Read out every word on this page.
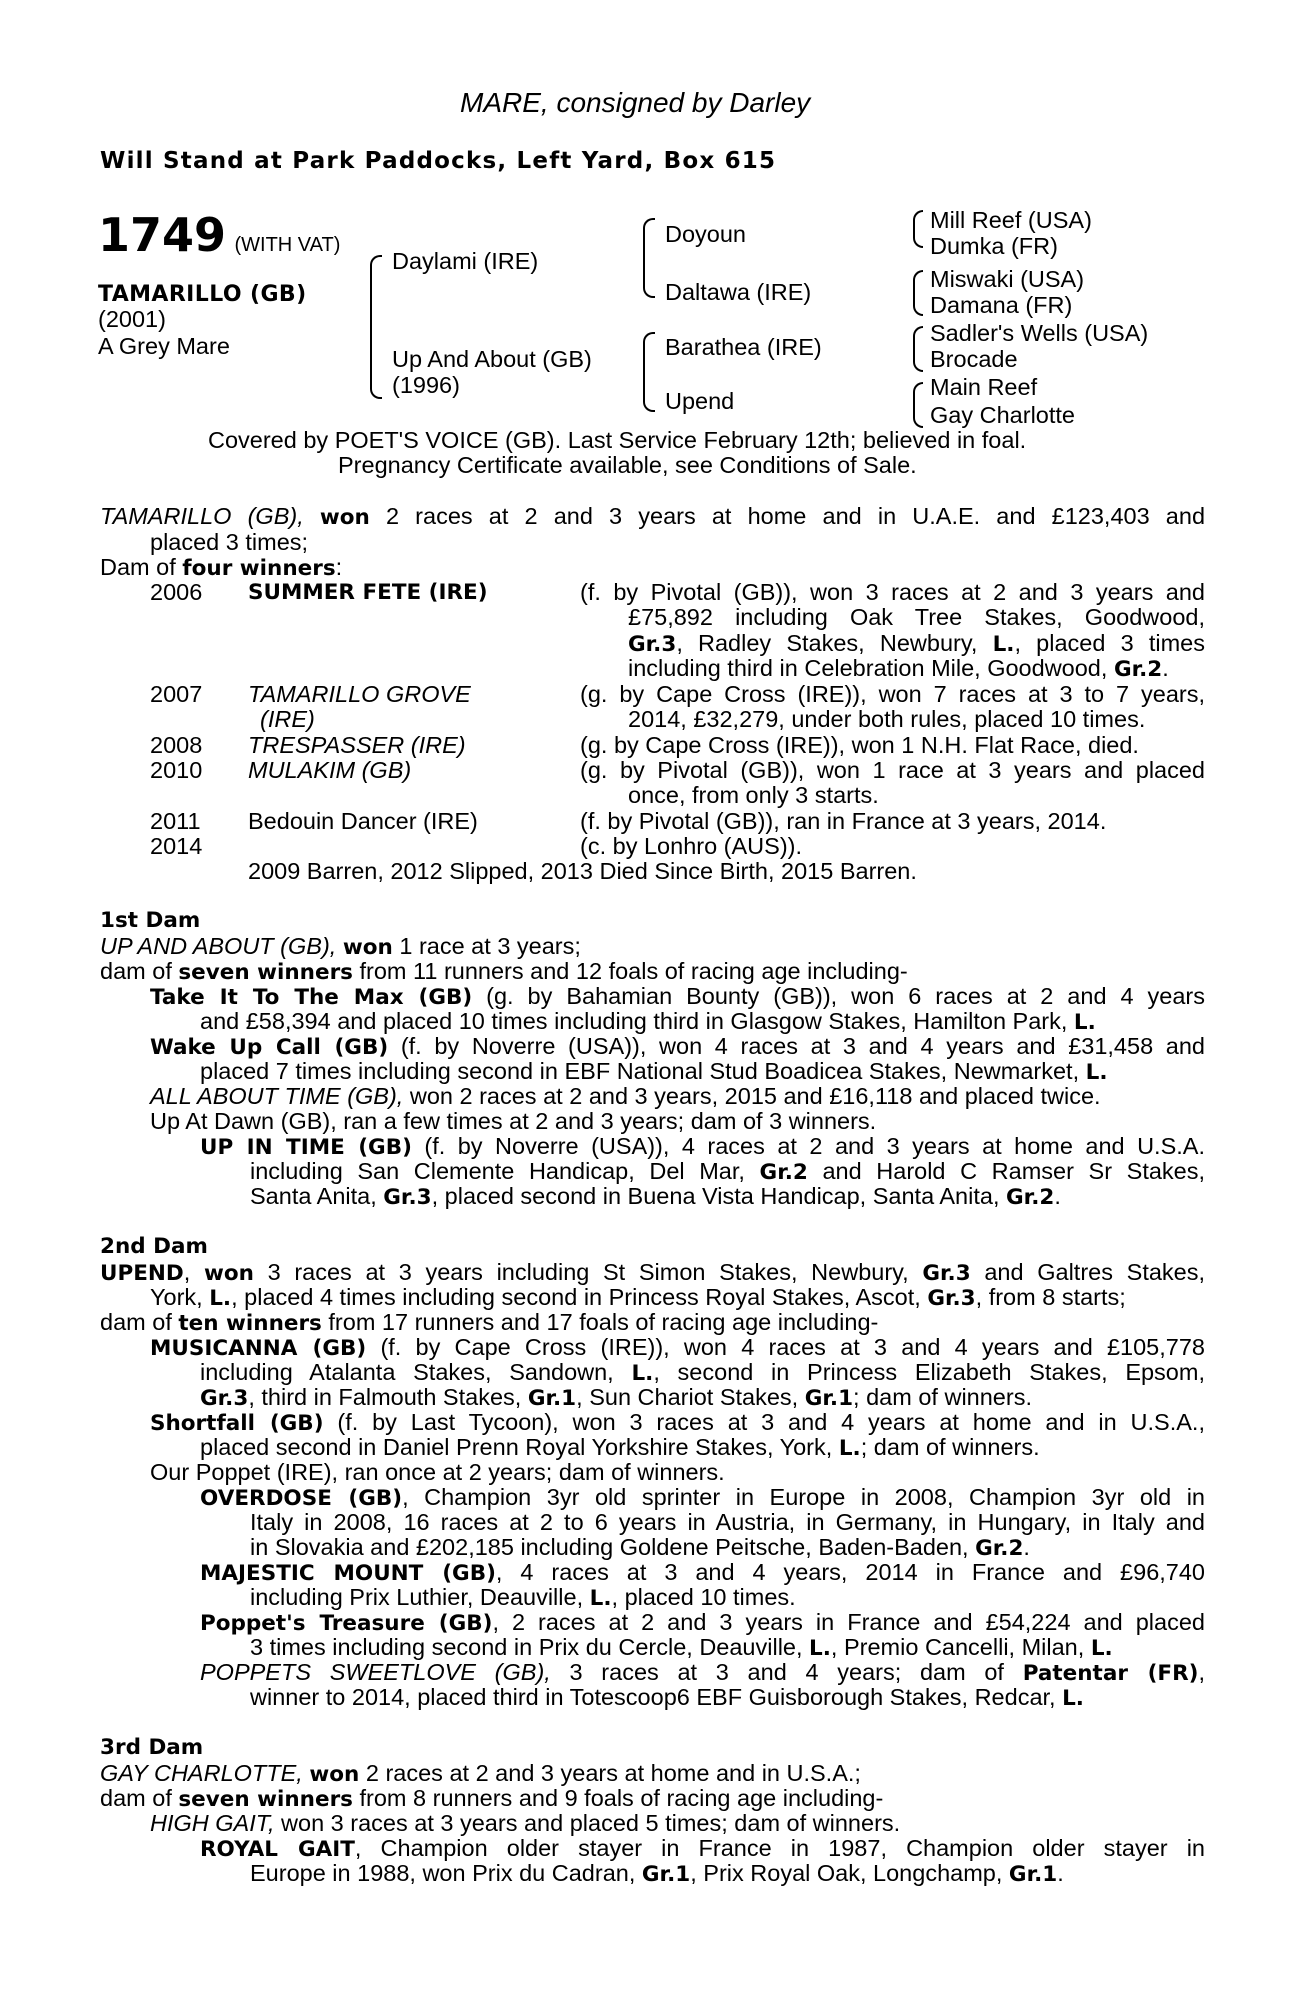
MARE, consigned by Darley
Will Stand at Park Paddocks, Left Yard, Box 615
1749 (WITH VAT)
TAMARILLO (GB)
(2001)
A Grey Mare
Daylami (IRE)
Up And About (GB)
(1996)
Doyoun
Daltawa (IRE)
Barathea (IRE)
Upend
Mill Reef (USA)
Dumka (FR)
Miswaki (USA)
Damana (FR)
Sadler's Wells (USA)
Brocade
Main Reef
Gay Charlotte
Covered by POET'S VOICE (GB). Last Service February 12th; believed in foal.
Pregnancy Certificate available, see Conditions of Sale.
TAMARILLO (GB), won 2 races at 2 and 3 years at home and in U.A.E. and £123,403 and
placed 3 times;
Dam of four winners:
2006 SUMMER FETE (IRE)	(f. by Pivotal (GB)), won 3 races at 2 and 3 years and
£75,892 including Oak Tree Stakes, Goodwood,
Gr.3, Radley Stakes, Newbury, L., placed 3 times
including third in Celebration Mile, Goodwood, Gr.2.
2007 TAMARILLO GROVE
(IRE)
(g. by Cape Cross (IRE)), won 7 races at 3 to 7 years,
2014, £32,279, under both rules, placed 10 times.
2008 TRESPASSER (IRE)	(g. by Cape Cross (IRE)), won 1 N.H. Flat Race, died.
2010 MULAKIM (GB)	(g. by Pivotal (GB)), won 1 race at 3 years and placed
once, from only 3 starts.
2011 Bedouin Dancer (IRE)	(f. by Pivotal (GB)), ran in France at 3 years, 2014.
2014	(c. by Lonhro (AUS)).
2009 Barren, 2012 Slipped, 2013 Died Since Birth, 2015 Barren.
1st Dam
UP AND ABOUT (GB), won 1 race at 3 years;
dam of seven winners from 11 runners and 12 foals of racing age including-
Take It To The Max (GB) (g. by Bahamian Bounty (GB)), won 6 races at 2 and 4 years
and £58,394 and placed 10 times including third in Glasgow Stakes, Hamilton Park, L.
Wake Up Call (GB) (f. by Noverre (USA)), won 4 races at 3 and 4 years and £31,458 and
placed 7 times including second in EBF National Stud Boadicea Stakes, Newmarket, L.
ALL ABOUT TIME (GB), won 2 races at 2 and 3 years, 2015 and £16,118 and placed twice.
Up At Dawn (GB), ran a few times at 2 and 3 years; dam of 3 winners.
UP IN TIME (GB) (f. by Noverre (USA)), 4 races at 2 and 3 years at home and U.S.A.
including San Clemente Handicap, Del Mar, Gr.2 and Harold C Ramser Sr Stakes,
Santa Anita, Gr.3, placed second in Buena Vista Handicap, Santa Anita, Gr.2.
2nd Dam
UPEND, won 3 races at 3 years including St Simon Stakes, Newbury, Gr.3 and Galtres Stakes,
York, L., placed 4 times including second in Princess Royal Stakes, Ascot, Gr.3, from 8 starts;
dam of ten winners from 17 runners and 17 foals of racing age including-
MUSICANNA (GB) (f. by Cape Cross (IRE)), won 4 races at 3 and 4 years and £105,778
including Atalanta Stakes, Sandown, L., second in Princess Elizabeth Stakes, Epsom,
Gr.3, third in Falmouth Stakes, Gr.1, Sun Chariot Stakes, Gr.1; dam of winners.
Shortfall (GB) (f. by Last Tycoon), won 3 races at 3 and 4 years at home and in U.S.A.,
placed second in Daniel Prenn Royal Yorkshire Stakes, York, L.; dam of winners.
Our Poppet (IRE), ran once at 2 years; dam of winners.
OVERDOSE (GB), Champion 3yr old sprinter in Europe in 2008, Champion 3yr old in
Italy in 2008, 16 races at 2 to 6 years in Austria, in Germany, in Hungary, in Italy and
in Slovakia and £202,185 including Goldene Peitsche, Baden-Baden, Gr.2.
MAJESTIC MOUNT (GB), 4 races at 3 and 4 years, 2014 in France and £96,740
including Prix Luthier, Deauville, L., placed 10 times.
Poppet's Treasure (GB), 2 races at 2 and 3 years in France and £54,224 and placed
3 times including second in Prix du Cercle, Deauville, L., Premio Cancelli, Milan, L.
POPPETS SWEETLOVE (GB), 3 races at 3 and 4 years; dam of Patentar (FR),
winner to 2014, placed third in Totescoop6 EBF Guisborough Stakes, Redcar, L.
3rd Dam
GAY CHARLOTTE, won 2 races at 2 and 3 years at home and in U.S.A.;
dam of seven winners from 8 runners and 9 foals of racing age including-
HIGH GAIT, won 3 races at 3 years and placed 5 times; dam of winners.
ROYAL GAIT, Champion older stayer in France in 1987, Champion older stayer in
Europe in 1988, won Prix du Cadran, Gr.1, Prix Royal Oak, Longchamp, Gr.1.
